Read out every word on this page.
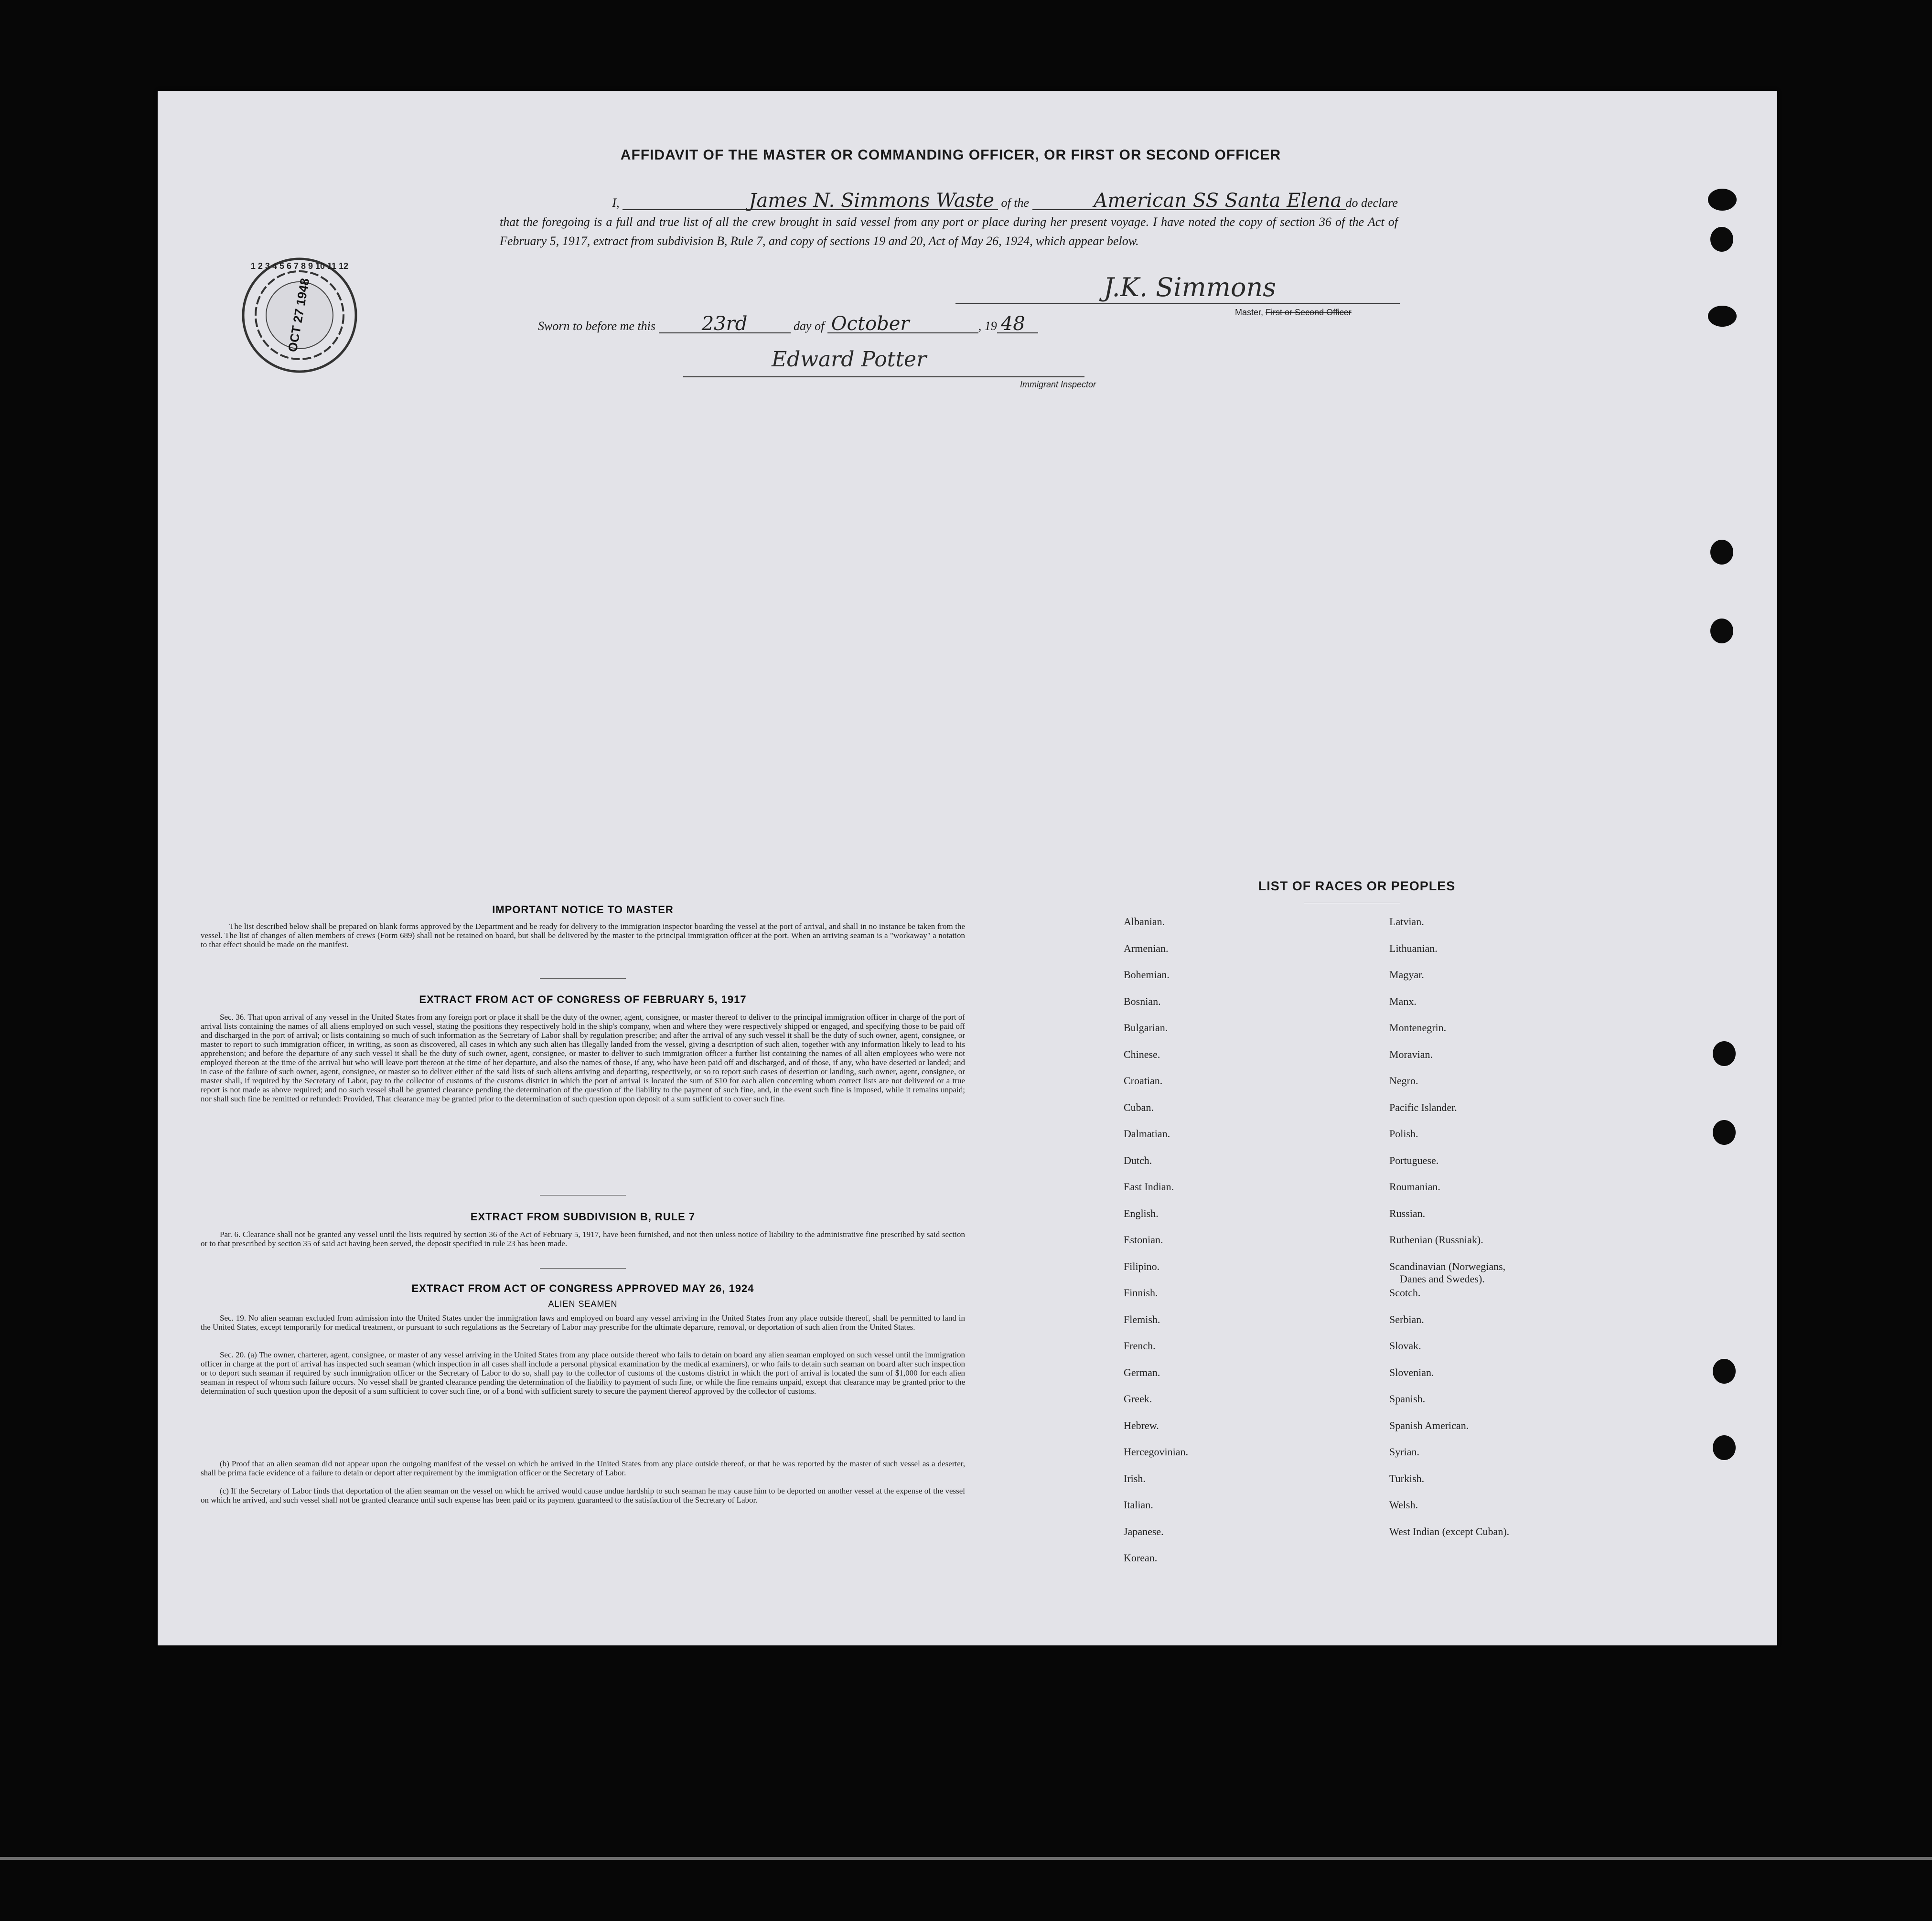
1 2 3 4 5 6 7 8 9 10 11 12
OCT 27 1948
AFFIDAVIT OF THE MASTER OR COMMANDING OFFICER, OR FIRST OR SECOND OFFICER
I,	James N. Simmons Waste of the	American SS Santa Elena do declare
that the foregoing is a full and true list of all the crew brought in said vessel from any port or place during her present voyage. I have noted the copy of section 36 of the Act of February 5, 1917, extract from subdivision B, Rule 7, and copy of sections 19 and 20, Act of May 26, 1924, which appear below.
J.K. Simmons
Master, First or Second Officer
Sworn to before me this 23rd	day of October	, 19 48
Edward Potter
Immigrant Inspector
IMPORTANT NOTICE TO MASTER
The list described below shall be prepared on blank forms approved by the Department and be ready for delivery to the immigration inspector boarding the vessel at the port of arrival, and shall in no instance be taken from the vessel. The list of changes of alien members of crews (Form 689) shall not be retained on board, but shall be delivered by the master to the principal immigration officer at the port. When an arriving seaman is a "workaway" a notation to that effect should be made on the manifest.
EXTRACT FROM ACT OF CONGRESS OF FEBRUARY 5, 1917
Sec. 36. That upon arrival of any vessel in the United States from any foreign port or place it shall be the duty of the owner, agent, consignee, or master thereof to deliver to the principal immigration officer in charge of the port of arrival lists containing the names of all aliens employed on such vessel, stating the positions they respectively hold in the ship's company, when and where they were respectively shipped or engaged, and specifying those to be paid off and discharged in the port of arrival; or lists containing so much of such information as the Secretary of Labor shall by regulation prescribe; and after the arrival of any such vessel it shall be the duty of such owner, agent, consignee, or master to report to such immigration officer, in writing, as soon as discovered, all cases in which any such alien has illegally landed from the vessel, giving a description of such alien, together with any information likely to lead to his apprehension; and before the departure of any such vessel it shall be the duty of such owner, agent, consignee, or master to deliver to such immigration officer a further list containing the names of all alien employees who were not employed thereon at the time of the arrival but who will leave port thereon at the time of her departure, and also the names of those, if any, who have been paid off and discharged, and of those, if any, who have deserted or landed; and in case of the failure of such owner, agent, consignee, or master so to deliver either of the said lists of such aliens arriving and departing, respectively, or so to report such cases of desertion or landing, such owner, agent, consignee, or master shall, if required by the Secretary of Labor, pay to the collector of customs of the customs district in which the port of arrival is located the sum of $10 for each alien concerning whom correct lists are not delivered or a true report is not made as above required; and no such vessel shall be granted clearance pending the determination of the question of the liability to the payment of such fine, and, in the event such fine is imposed, while it remains unpaid; nor shall such fine be remitted or refunded: Provided, That clearance may be granted prior to the determination of such question upon deposit of a sum sufficient to cover such fine.
EXTRACT FROM SUBDIVISION B, RULE 7
Par. 6. Clearance shall not be granted any vessel until the lists required by section 36 of the Act of February 5, 1917, have been furnished, and not then unless notice of liability to the administrative fine prescribed by said section or to that prescribed by section 35 of said act having been served, the deposit specified in rule 23 has been made.
EXTRACT FROM ACT OF CONGRESS APPROVED MAY 26, 1924
ALIEN SEAMEN
Sec. 19. No alien seaman excluded from admission into the United States under the immigration laws and employed on board any vessel arriving in the United States from any place outside thereof, shall be permitted to land in the United States, except temporarily for medical treatment, or pursuant to such regulations as the Secretary of Labor may prescribe for the ultimate departure, removal, or deportation of such alien from the United States.
Sec. 20. (a) The owner, charterer, agent, consignee, or master of any vessel arriving in the United States from any place outside thereof who fails to detain on board any alien seaman employed on such vessel until the immigration officer in charge at the port of arrival has inspected such seaman (which inspection in all cases shall include a personal physical examination by the medical examiners), or who fails to detain such seaman on board after such inspection or to deport such seaman if required by such immigration officer or the Secretary of Labor to do so, shall pay to the collector of customs of the customs district in which the port of arrival is located the sum of $1,000 for each alien seaman in respect of whom such failure occurs. No vessel shall be granted clearance pending the determination of the liability to payment of such fine, or while the fine remains unpaid, except that clearance may be granted prior to the determination of such question upon the deposit of a sum sufficient to cover such fine, or of a bond with sufficient surety to secure the payment thereof approved by the collector of customs.
(b) Proof that an alien seaman did not appear upon the outgoing manifest of the vessel on which he arrived in the United States from any place outside thereof, or that he was reported by the master of such vessel as a deserter, shall be prima facie evidence of a failure to detain or deport after requirement by the immigration officer or the Secretary of Labor.
(c) If the Secretary of Labor finds that deportation of the alien seaman on the vessel on which he arrived would cause undue hardship to such seaman he may cause him to be deported on another vessel at the expense of the vessel on which he arrived, and such vessel shall not be granted clearance until such expense has been paid or its payment guaranteed to the satisfaction of the Secretary of Labor.
LIST OF RACES OR PEOPLES
Albanian.
Armenian.
Bohemian.
Bosnian.
Bulgarian.
Chinese.
Croatian.
Cuban.
Dalmatian.
Dutch.
East Indian.
English.
Estonian.
Filipino.
Finnish.
Flemish.
French.
German.
Greek.
Hebrew.
Hercegovinian.
Irish.
Italian.
Japanese.
Korean.
Latvian.
Lithuanian.
Magyar.
Manx.
Montenegrin.
Moravian.
Negro.
Pacific Islander.
Polish.
Portuguese.
Roumanian.
Russian.
Ruthenian (Russniak).
Scandinavian (Norwegians,
Danes and Swedes).
Scotch.
Serbian.
Slovak.
Slovenian.
Spanish.
Spanish American.
Syrian.
Turkish.
Welsh.
West Indian (except Cuban).
